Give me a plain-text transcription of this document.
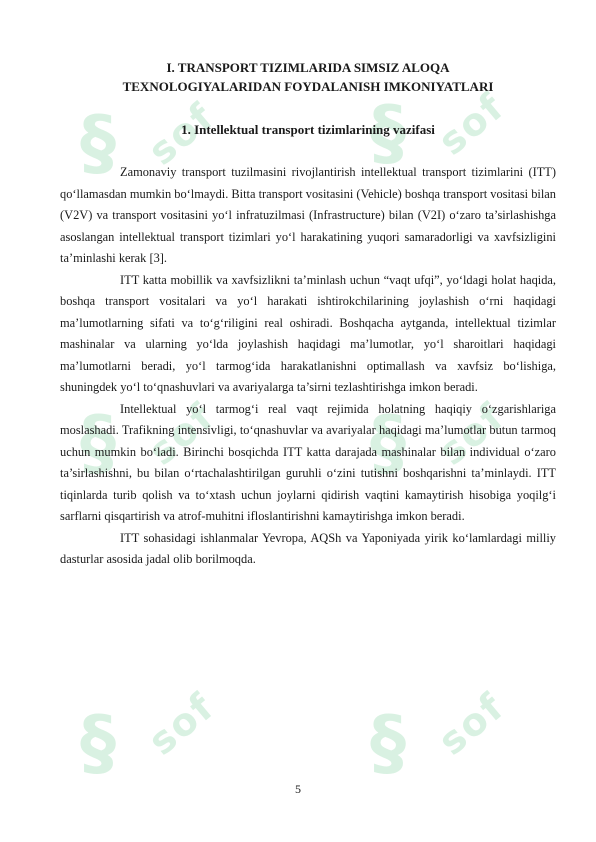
§ sof § sof
§ sof § sof
§ sof § sof

I. TRANSPORT TIZIMLARIDA SIMSIZ ALOQA

TEXNOLOGIYALARIDAN FOYDALANISH IMKONIYATLARI

1. Intellektual transport tizimlarining vazifasi

Zamonaviy transport tuzilmasini rivojlantirish intellektual transport tizimlarini (ITT) qo‘llamasdan mumkin bo‘lmaydi. Bitta transport vositasini (Vehicle) boshqa transport vositasi bilan (V2V) va transport vositasini yo‘l infratuzilmasi (Infrastructure) bilan (V2I) o‘zaro ta’sirlashishga asoslangan intellektual transport tizimlari yo‘l harakatining yuqori samaradorligi va xavfsizligini ta’minlashi kerak [3].

ITT katta mobillik va xavfsizlikni ta’minlash uchun “vaqt ufqi”, yo‘ldagi holat haqida, boshqa transport vositalari va yo‘l harakati ishtirokchilarining joylashish o‘rni haqidagi ma’lumotlarning sifati va to‘g‘riligini real oshiradi. Boshqacha aytganda, intellektual tizimlar mashinalar va ularning yo‘lda joylashish haqidagi ma’lumotlar, yo‘l sharoitlari haqidagi ma’lumotlarni beradi, yo‘l tarmog‘ida harakatlanishni optimallash va xavfsiz bo‘lishiga, shuningdek yo‘l to‘qnashuvlari va avariyalarga ta’sirni tezlashtirishga imkon beradi.

Intellektual yo‘l tarmog‘i real vaqt rejimida holatning haqiqiy o‘zgarishlariga moslashadi. Trafikning intensivligi, to‘qnashuvlar va avariyalar haqidagi ma’lumotlar butun tarmoq uchun mumkin bo‘ladi. Birinchi bosqichda ITT katta darajada mashinalar bilan individual o‘zaro ta’sirlashishni, bu bilan o‘rtachalashtirilgan guruhli o‘zini tutishni boshqarishni ta’minlaydi. ITT tiqinlarda turib qolish va to‘xtash uchun joylarni qidirish vaqtini kamaytirish hisobiga yoqilg‘i sarflarni qisqartirish va atrof-muhitni ifloslantirishni kamaytirishga imkon beradi.

ITT sohasidagi ishlanmalar Yevropa, AQSh va Yaponiyada yirik ko‘lamlardagi milliy dasturlar asosida jadal olib borilmoqda.

5
